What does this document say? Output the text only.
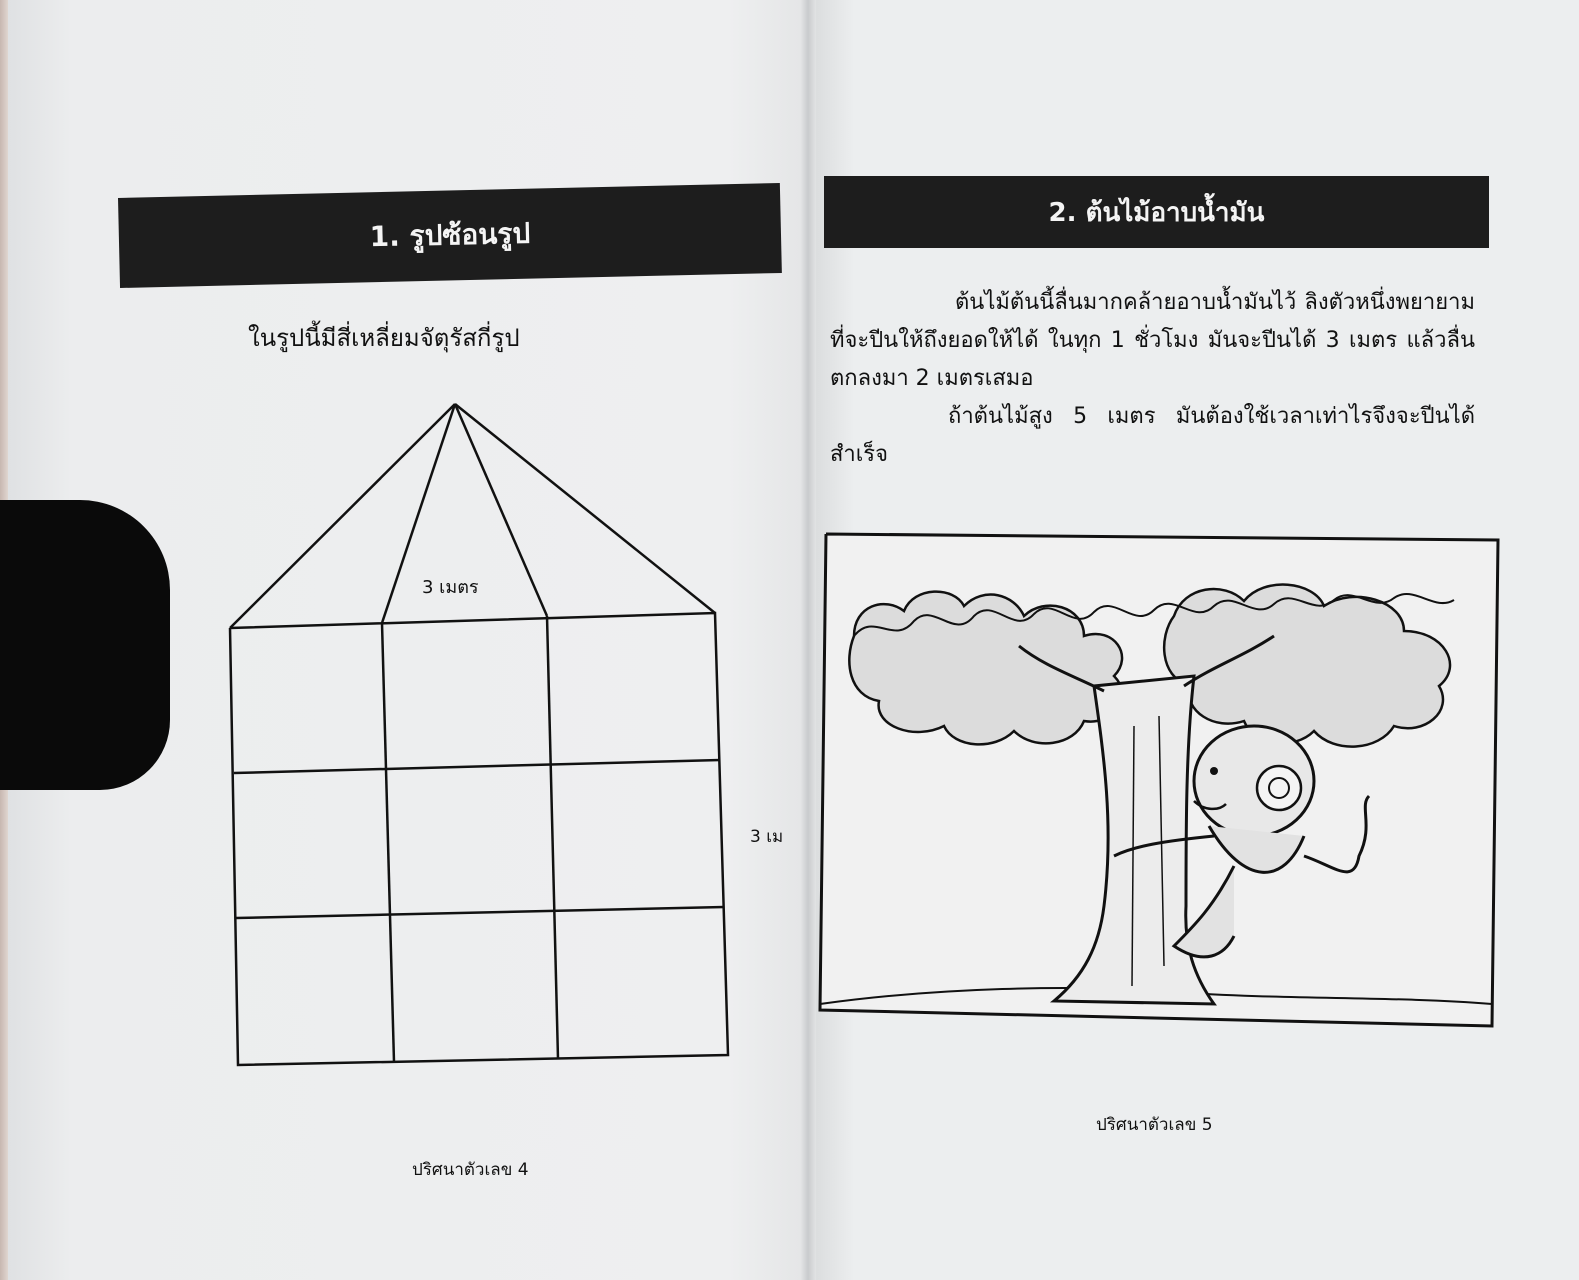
1. รูปซ้อนรูป
ในรูปนี้มีสี่เหลี่ยมจัตุรัสกี่รูป
3 เมตร
3 เม
ปริศนาตัวเลข 4
2. ต้นไม้อาบน้ำมัน
ต้นไม้ต้นนี้ลื่นมากคล้ายอาบน้ำมันไว้ ลิงตัวหนึ่งพยายามที่จะปีนให้ถึงยอดให้ได้ ในทุก 1 ชั่วโมง มันจะปีนได้ 3 เมตร แล้วลื่นตกลงมา 2 เมตรเสมอ
ถ้าต้นไม้สูง 5 เมตร มันต้องใช้เวลาเท่าไรจึงจะปีนได้สำเร็จ
ปริศนาตัวเลข 5
